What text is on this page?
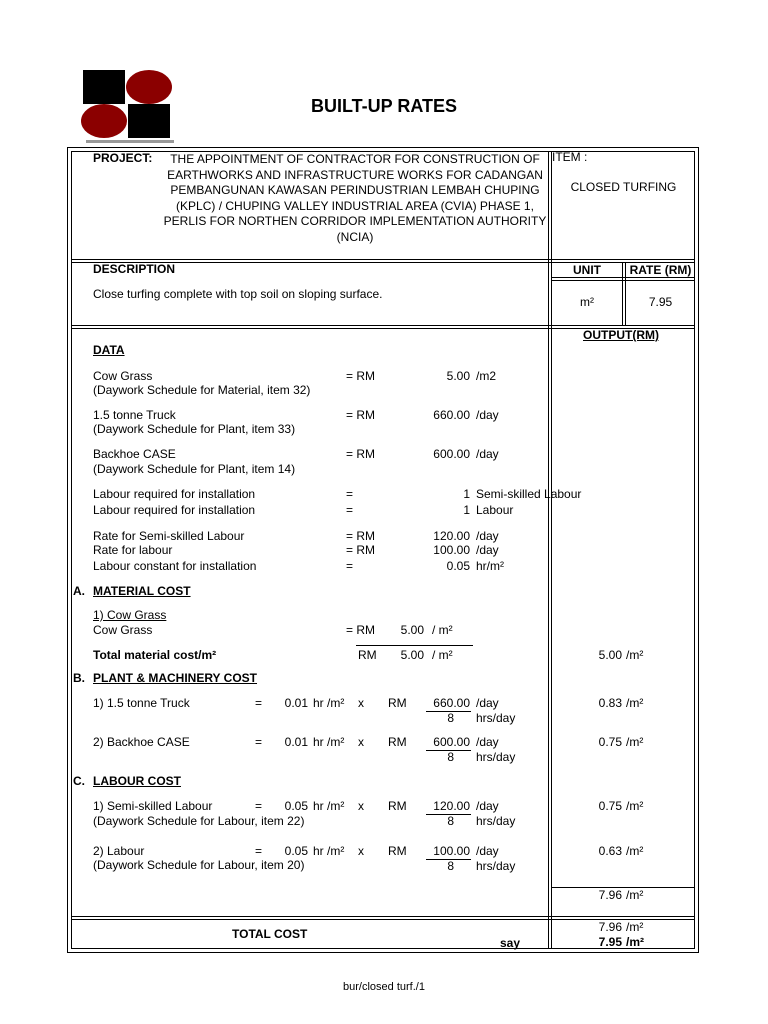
BUILT-UP RATES
PROJECT:	THE APPOINTMENT OF CONTRACTOR FOR CONSTRUCTION OF EARTHWORKS AND INFRASTRUCTURE WORKS FOR CADANGAN PEMBANGUNAN KAWASAN PERINDUSTRIAN LEMBAH CHUPING (KPLC) / CHUPING VALLEY INDUSTRIAL AREA (CVIA) PHASE 1, PERLIS FOR NORTHEN CORRIDOR IMPLEMENTATION AUTHORITY (NCIA)
ITEM :
CLOSED TURFING
DESCRIPTION	UNIT	RATE (RM)
Close turfing complete with top soil on sloping surface.
m²	7.95
OUTPUT(RM)
DATA
Cow Grass
(Daywork Schedule for Material, item 32)
= RM	5.00 /m2
1.5 tonne Truck
(Daywork Schedule for Plant, item 33)
= RM	660.00 /day
Backhoe CASE
(Daywork Schedule for Plant, item 14)
= RM	600.00 /day
Labour required for installation	=	1 Semi-skilled Labour
Labour required for installation	=	1 Labour
Rate for Semi-skilled Labour	= RM	120.00 /day
Rate for labour	= RM	100.00 /day
Labour constant for installation	=	0.05 hr/m²
A. MATERIAL COST
1) Cow Grass
Cow Grass	= RM	5.00 / m²
Total material cost/m²	RM	5.00 / m²	5.00 /m²
B. PLANT & MACHINERY COST
1) 1.5 tonne Truck	=	0.01 hr /m² x RM	660.00 /day
8 hrs/day
0.83 /m²
2) Backhoe CASE	=	0.01 hr /m² x RM	600.00 /day
8 hrs/day
0.75 /m²
C. LABOUR COST
1) Semi-skilled Labour
(Daywork Schedule for Labour, item 22)
=	0.05 hr /m² x RM	120.00 /day
8 hrs/day
0.75 /m²
2) Labour
(Daywork Schedule for Labour, item 20)
=	0.05 hr /m² x RM	100.00 /day
8 hrs/day
0.63 /m²
7.96 /m²
TOTAL COST	7.96 /m²
say	7.95 /m²
bur/closed turf./1
